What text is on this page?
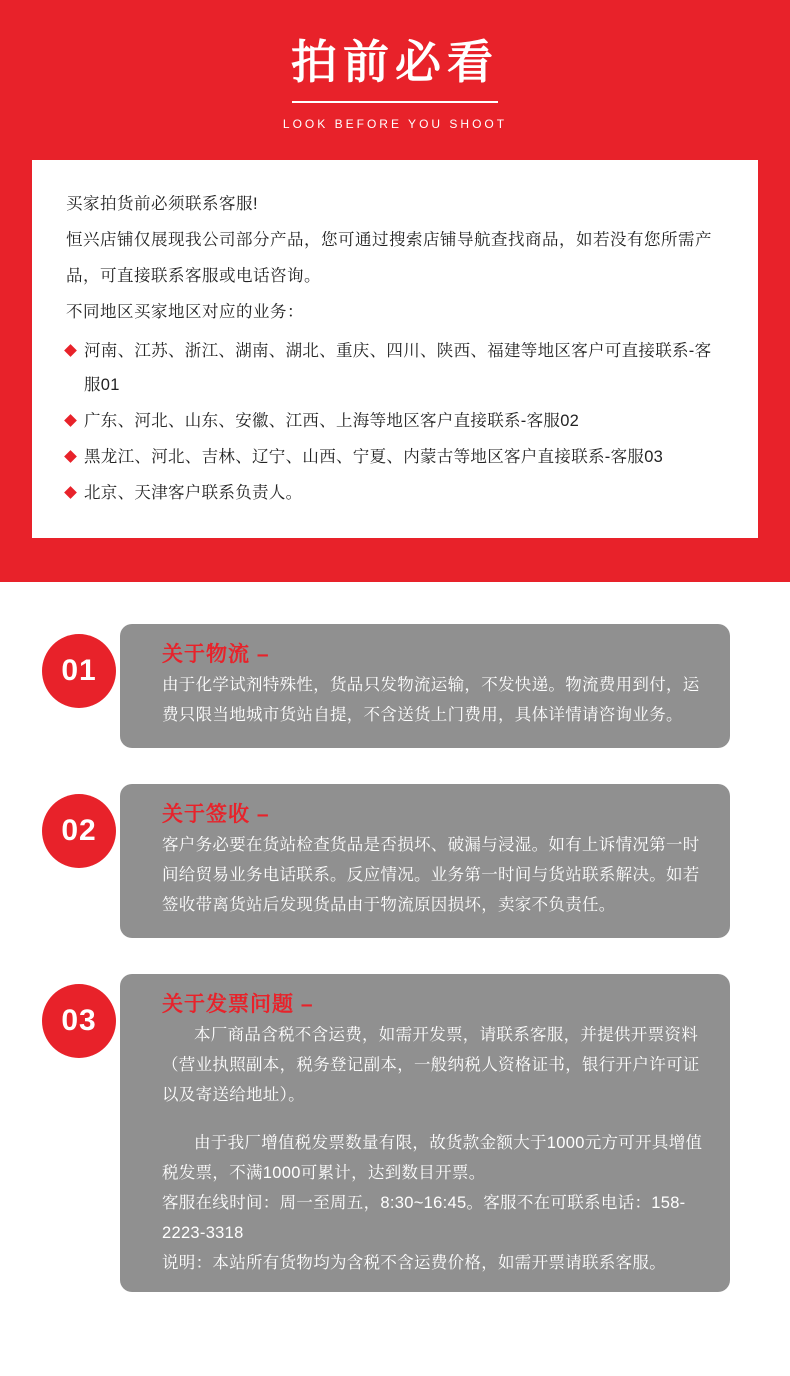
拍前必看
LOOK BEFORE YOU SHOOT
买家拍货前必须联系客服!
恒兴店铺仅展现我公司部分产品，您可通过搜索店铺导航查找商品，如若没有您所需产品，可直接联系客服或电话咨询。
不同地区买家地区对应的业务：
河南、江苏、浙江、湖南、湖北、重庆、四川、陕西、福建等地区客户可直接联系-客服01
广东、河北、山东、安徽、江西、上海等地区客户直接联系-客服02
黑龙江、河北、吉林、辽宁、山西、宁夏、内蒙古等地区客户直接联系-客服03
北京、天津客户联系负责人。
01	关于物流 –

由于化学试剂特殊性，货品只发物流运输，不发快递。物流费用到付，运费只限当地城市货站自提，不含送货上门费用，具体详情请咨询业务。

02	关于签收 –

客户务必要在货站检查货品是否损坏、破漏与浸湿。如有上诉情况第一时间给贸易业务电话联系。反应情况。业务第一时间与货站联系解决。如若签收带离货站后发现货品由于物流原因损坏，卖家不负责任。

03	关于发票问题 –

本厂商品含税不含运费，如需开发票，请联系客服，并提供开票资料（营业执照副本，税务登记副本，一般纳税人资格证书，银行开户许可证以及寄送给地址）。

由于我厂增值税发票数量有限，故货款金额大于1000元方可开具增值税发票，不满1000可累计，达到数目开票。

客服在线时间：周一至周五，8:30~16:45。客服不在可联系电话：158-2223-3318

说明：本站所有货物均为含税不含运费价格，如需开票请联系客服。
